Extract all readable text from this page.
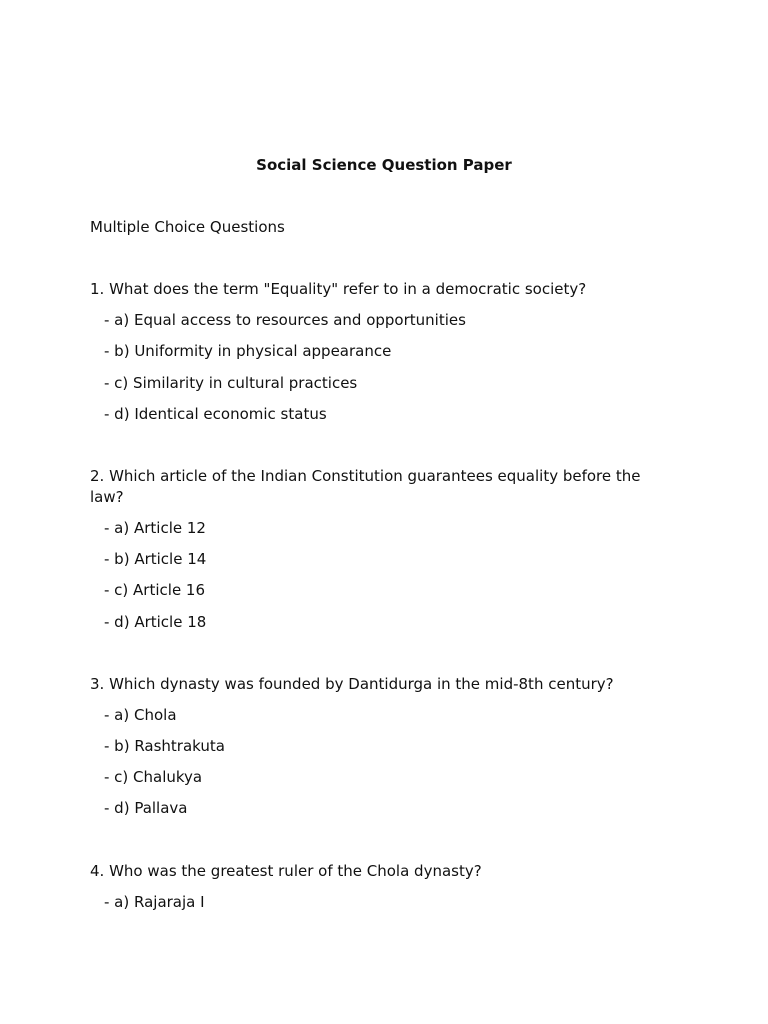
Social Science Question Paper
Multiple Choice Questions
1. What does the term "Equality" refer to in a democratic society?
- a) Equal access to resources and opportunities
- b) Uniformity in physical appearance
- c) Similarity in cultural practices
- d) Identical economic status
2. Which article of the Indian Constitution guarantees equality before the law?
- a) Article 12
- b) Article 14
- c) Article 16
- d) Article 18
3. Which dynasty was founded by Dantidurga in the mid-8th century?
- a) Chola
- b) Rashtrakuta
- c) Chalukya
- d) Pallava
4. Who was the greatest ruler of the Chola dynasty?
- a) Rajaraja I
